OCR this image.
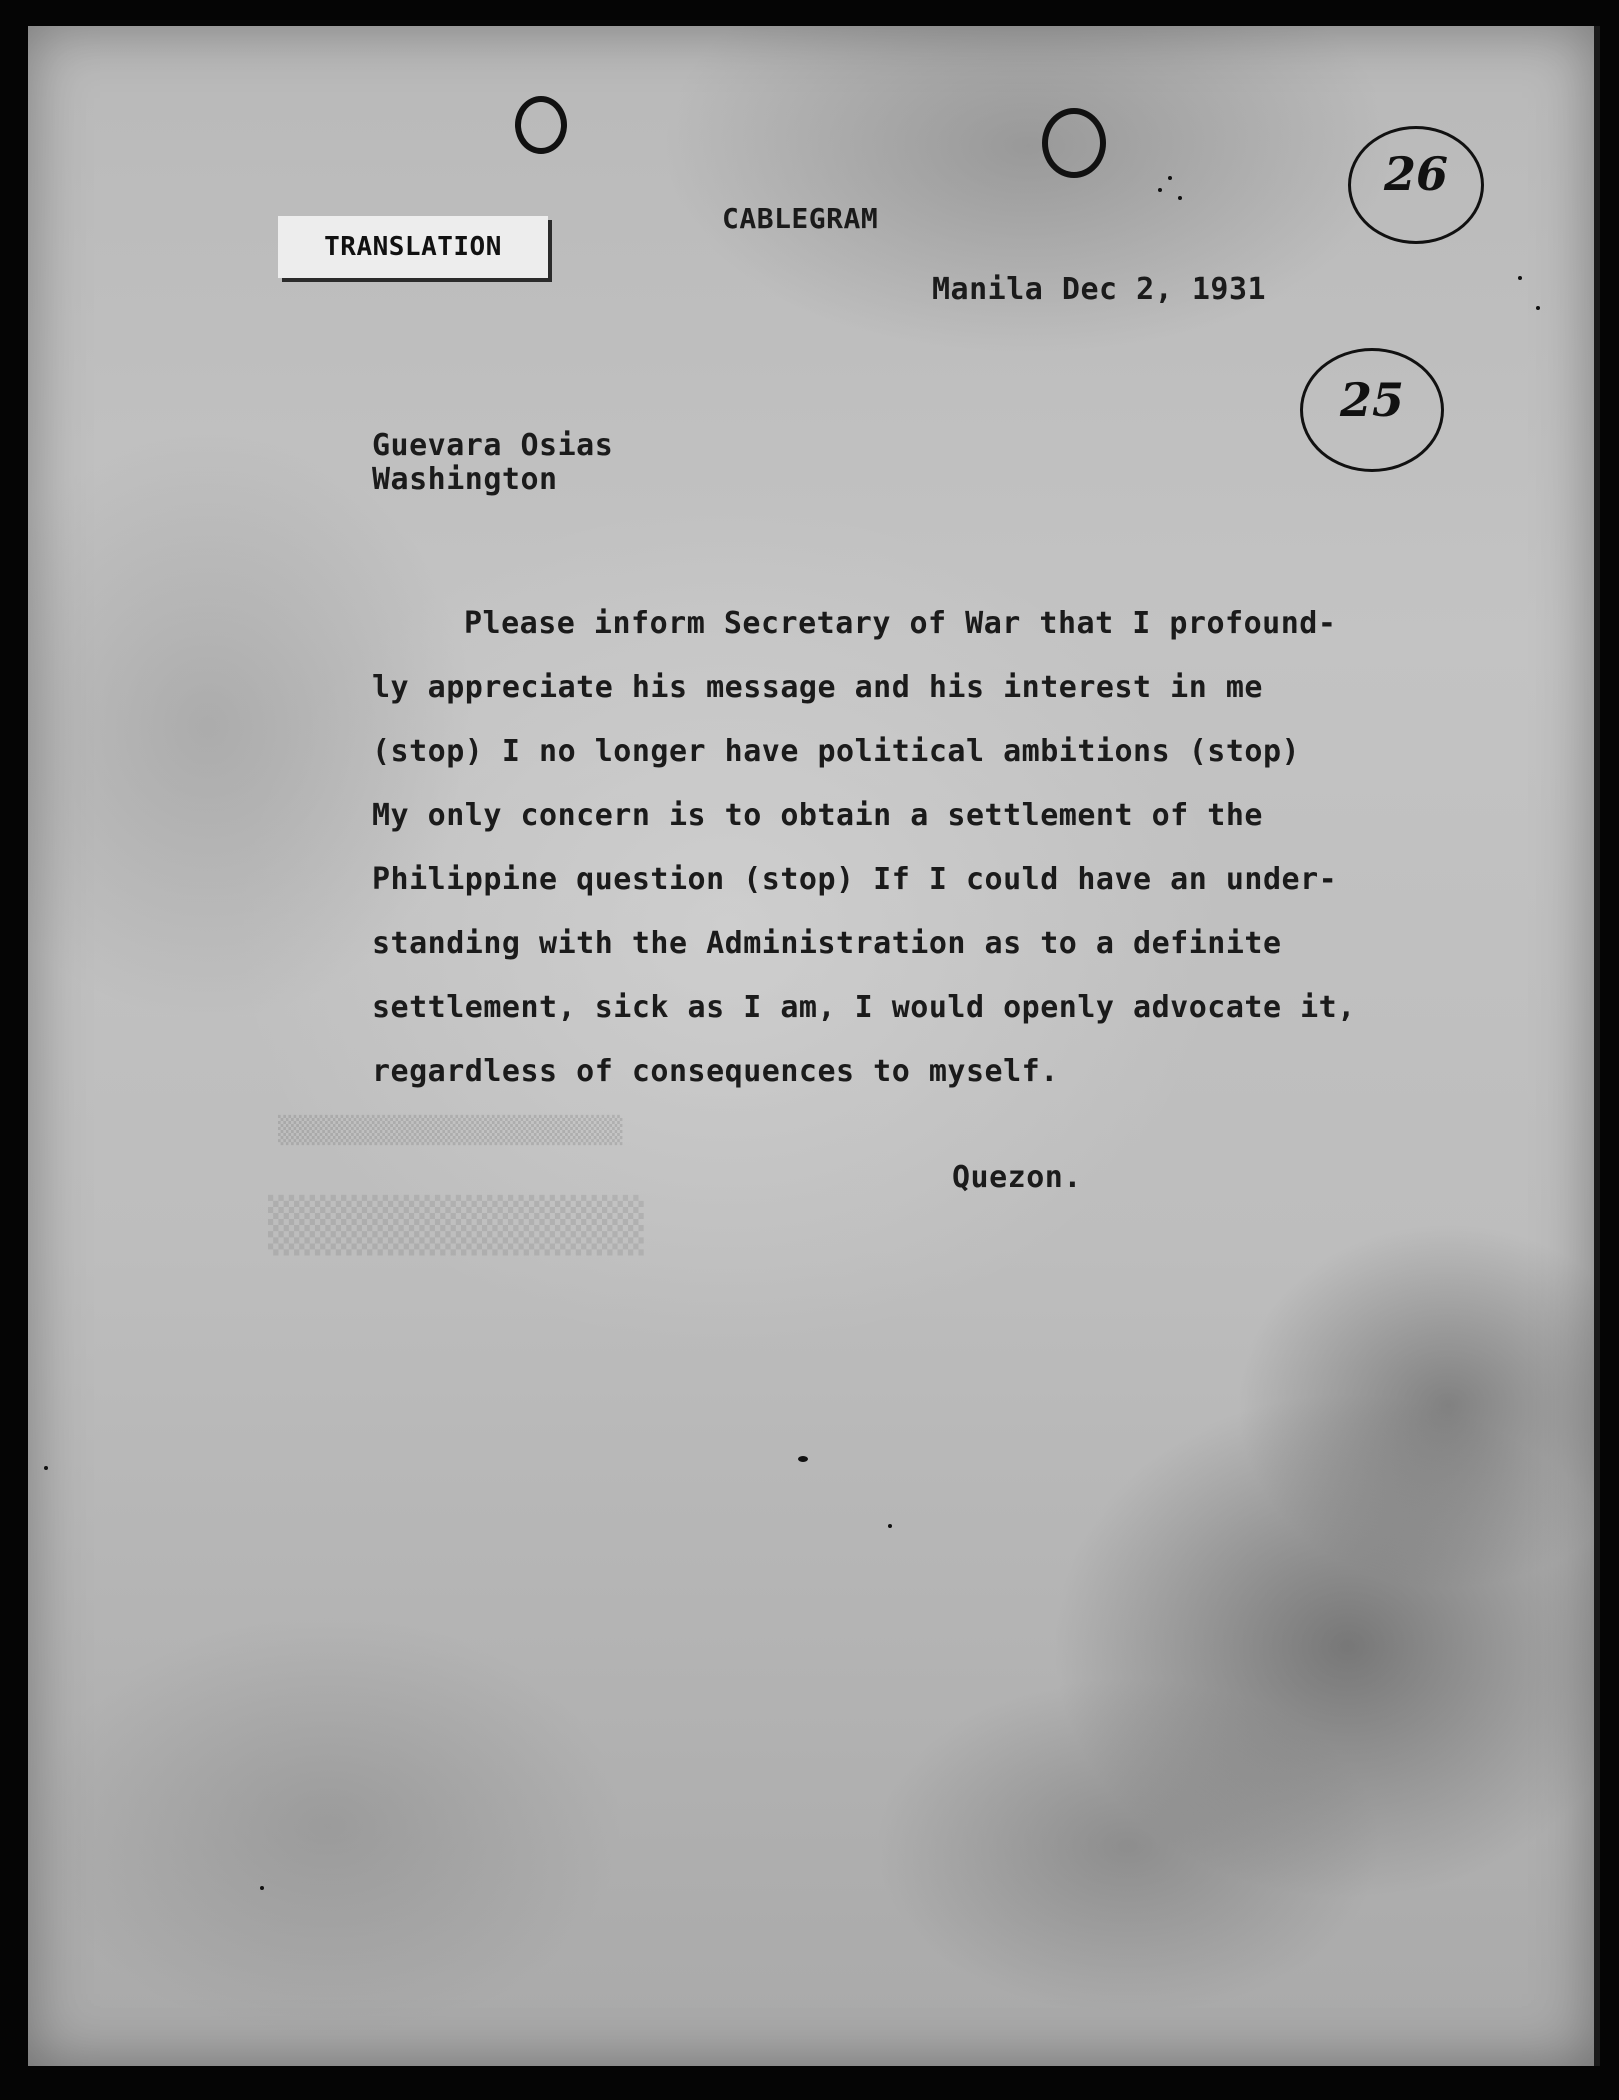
▒▒▒▒▒▒▒▒▒▒▒▒▒▒▒▒▒▒▒▒▒▒
▒▒▒▒▒▒▒▒▒▒▒▒
TRANSLATION
CABLEGRAM
26
Manila Dec 2, 1931
25
Guevara Osias
Washington
Please inform Secretary of War that I profound-
ly appreciate his message and his interest in me
(stop) I no longer have political ambitions (stop)
My only concern is to obtain a settlement of the
Philippine question (stop) If I could have an under-
standing with the Administration as to a definite
settlement, sick as I am, I would openly advocate it,
regardless of consequences to myself.
Quezon.
